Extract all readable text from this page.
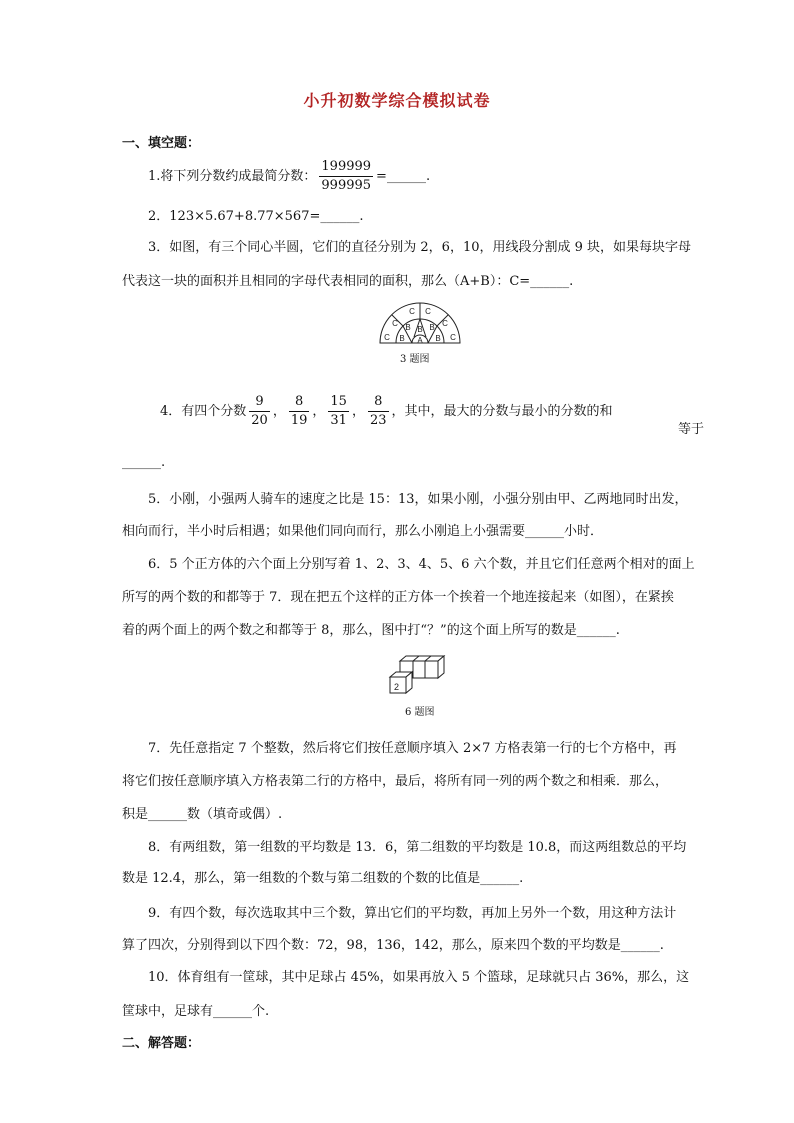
小升初数学综合模拟试卷
一、填空题：
1.将下列分数约成最简分数： $\frac{199999}{999995}$ =______.
2．123×5.67+8.77×567=______.
3．如图，有三个同心半圆，它们的直径分别为 2，6，10，用线段分割成 9 块，如果每块字母
代表这一块的面积并且相同的字母代表相同的面积，那么（A+B）：C=______.
C C
C	C
C	C
B B B
B	B
A
3 题图
4．有四个分数 $\frac{9}{20}$ ， $\frac{8}{19}$ ， $\frac{15}{31}$ ， $\frac{8}{23}$ ，其中，最大的分数与最小的分数的和
等于
______.
5．小刚，小强两人骑车的速度之比是 15：13，如果小刚，小强分别由甲、乙两地同时出发，
相向而行，半小时后相遇；如果他们同向而行，那么小刚追上小强需要______小时．
6．5 个正方体的六个面上分别写着 1、2、3、4、5、6 六个数，并且它们任意两个相对的面上
所写的两个数的和都等于 7．现在把五个这样的正方体一个挨着一个地连接起来（如图），在紧挨
着的两个面上的两个数之和都等于 8，那么，图中打“？”的这个面上所写的数是______.
2
6 题图
7．先任意指定 7 个整数，然后将它们按任意顺序填入 2×7 方格表第一行的七个方格中，再
将它们按任意顺序填入方格表第二行的方格中，最后，将所有同一列的两个数之和相乘．那么，
积是______数（填奇或偶）.
8．有两组数，第一组数的平均数是 13．6，第二组数的平均数是 10.8，而这两组数总的平均
数是 12.4，那么，第一组数的个数与第二组数的个数的比值是______.
9．有四个数，每次选取其中三个数，算出它们的平均数，再加上另外一个数，用这种方法计
算了四次，分别得到以下四个数：72，98，136，142，那么，原来四个数的平均数是______.
10．体育组有一筐球，其中足球占 45%，如果再放入 5 个篮球，足球就只占 36%，那么，这
筐球中，足球有______个.
二、解答题：
